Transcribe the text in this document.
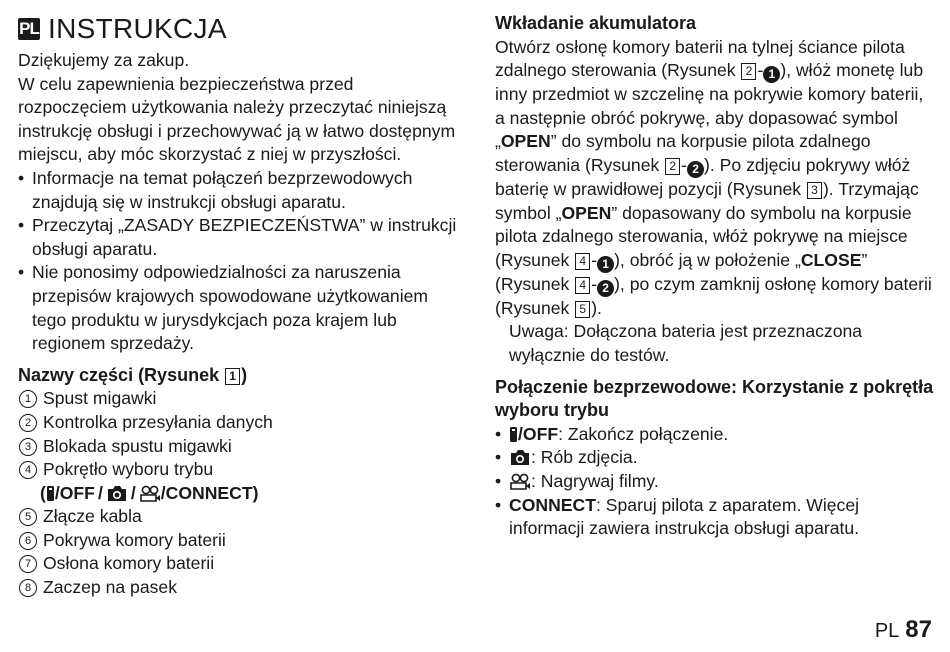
PL INSTRUKCJA

Dziękujemy za zakup.

W celu zapewnienia bezpieczeństwa przed rozpoczęciem użytkowania należy przeczytać niniejszą instrukcję obsługi i przechowywać ją w łatwo dostępnym miejscu, aby móc skorzystać z niej w przyszłości.

• Informacje na temat połączeń bezprzewodowych znajdują się w instrukcji obsługi aparatu.
• Przeczytaj „ZASADY BEZPIECZEŃSTWA” w instrukcji obsługi aparatu.
• Nie ponosimy odpowiedzialności za naruszenia przepisów krajowych spowodowane użytkowaniem tego produktu w jurysdykcjach poza krajem lub regionem sprzedaży.
Nazwy części (Rysunek 1 )
1 Spust migawki
2 Kontrolka przesyłania danych
3 Blokada spustu migawki
4 Pokrętło wyboru trybu
( /OFF / / /CONNECT )
5 Złącze kabla
6 Pokrywa komory baterii
7 Osłona komory baterii
8 Zaczep na pasek
Wkładanie akumulatora

Otwórz osłonę komory baterii na tylnej ściance pilota zdalnego sterowania (Rysunek 2 - 1 ), włóż monetę lub inny przedmiot w szczelinę na pokrywie komory baterii, a następnie obróć pokrywę, aby dopasować symbol „OPEN” do symbolu na korpusie pilota zdalnego sterowania (Rysunek 2 - 2 ). Po zdjęciu pokrywy włóż baterię w prawidłowej pozycji (Rysunek 3 ). Trzymając symbol „OPEN” dopasowany do symbolu na korpusie pilota zdalnego sterowania, włóż pokrywę na miejsce (Rysunek 4 - 1 ), obróć ją w położenie „CLOSE” (Rysunek 4 - 2 ), po czym zamknij osłonę komory baterii (Rysunek 5 ).

Uwaga: Dołączona bateria jest przeznaczona wyłącznie do testów.

Połączenie bezprzewodowe: Korzystanie z pokrętła wyboru trybu
• /OFF: Zakończ połączenie.
•	: Rób zdjęcia.
•	: Nagrywaj filmy.
• CONNECT: Sparuj pilota z aparatem. Więcej informacji zawiera instrukcja obsługi aparatu.
PL 87
